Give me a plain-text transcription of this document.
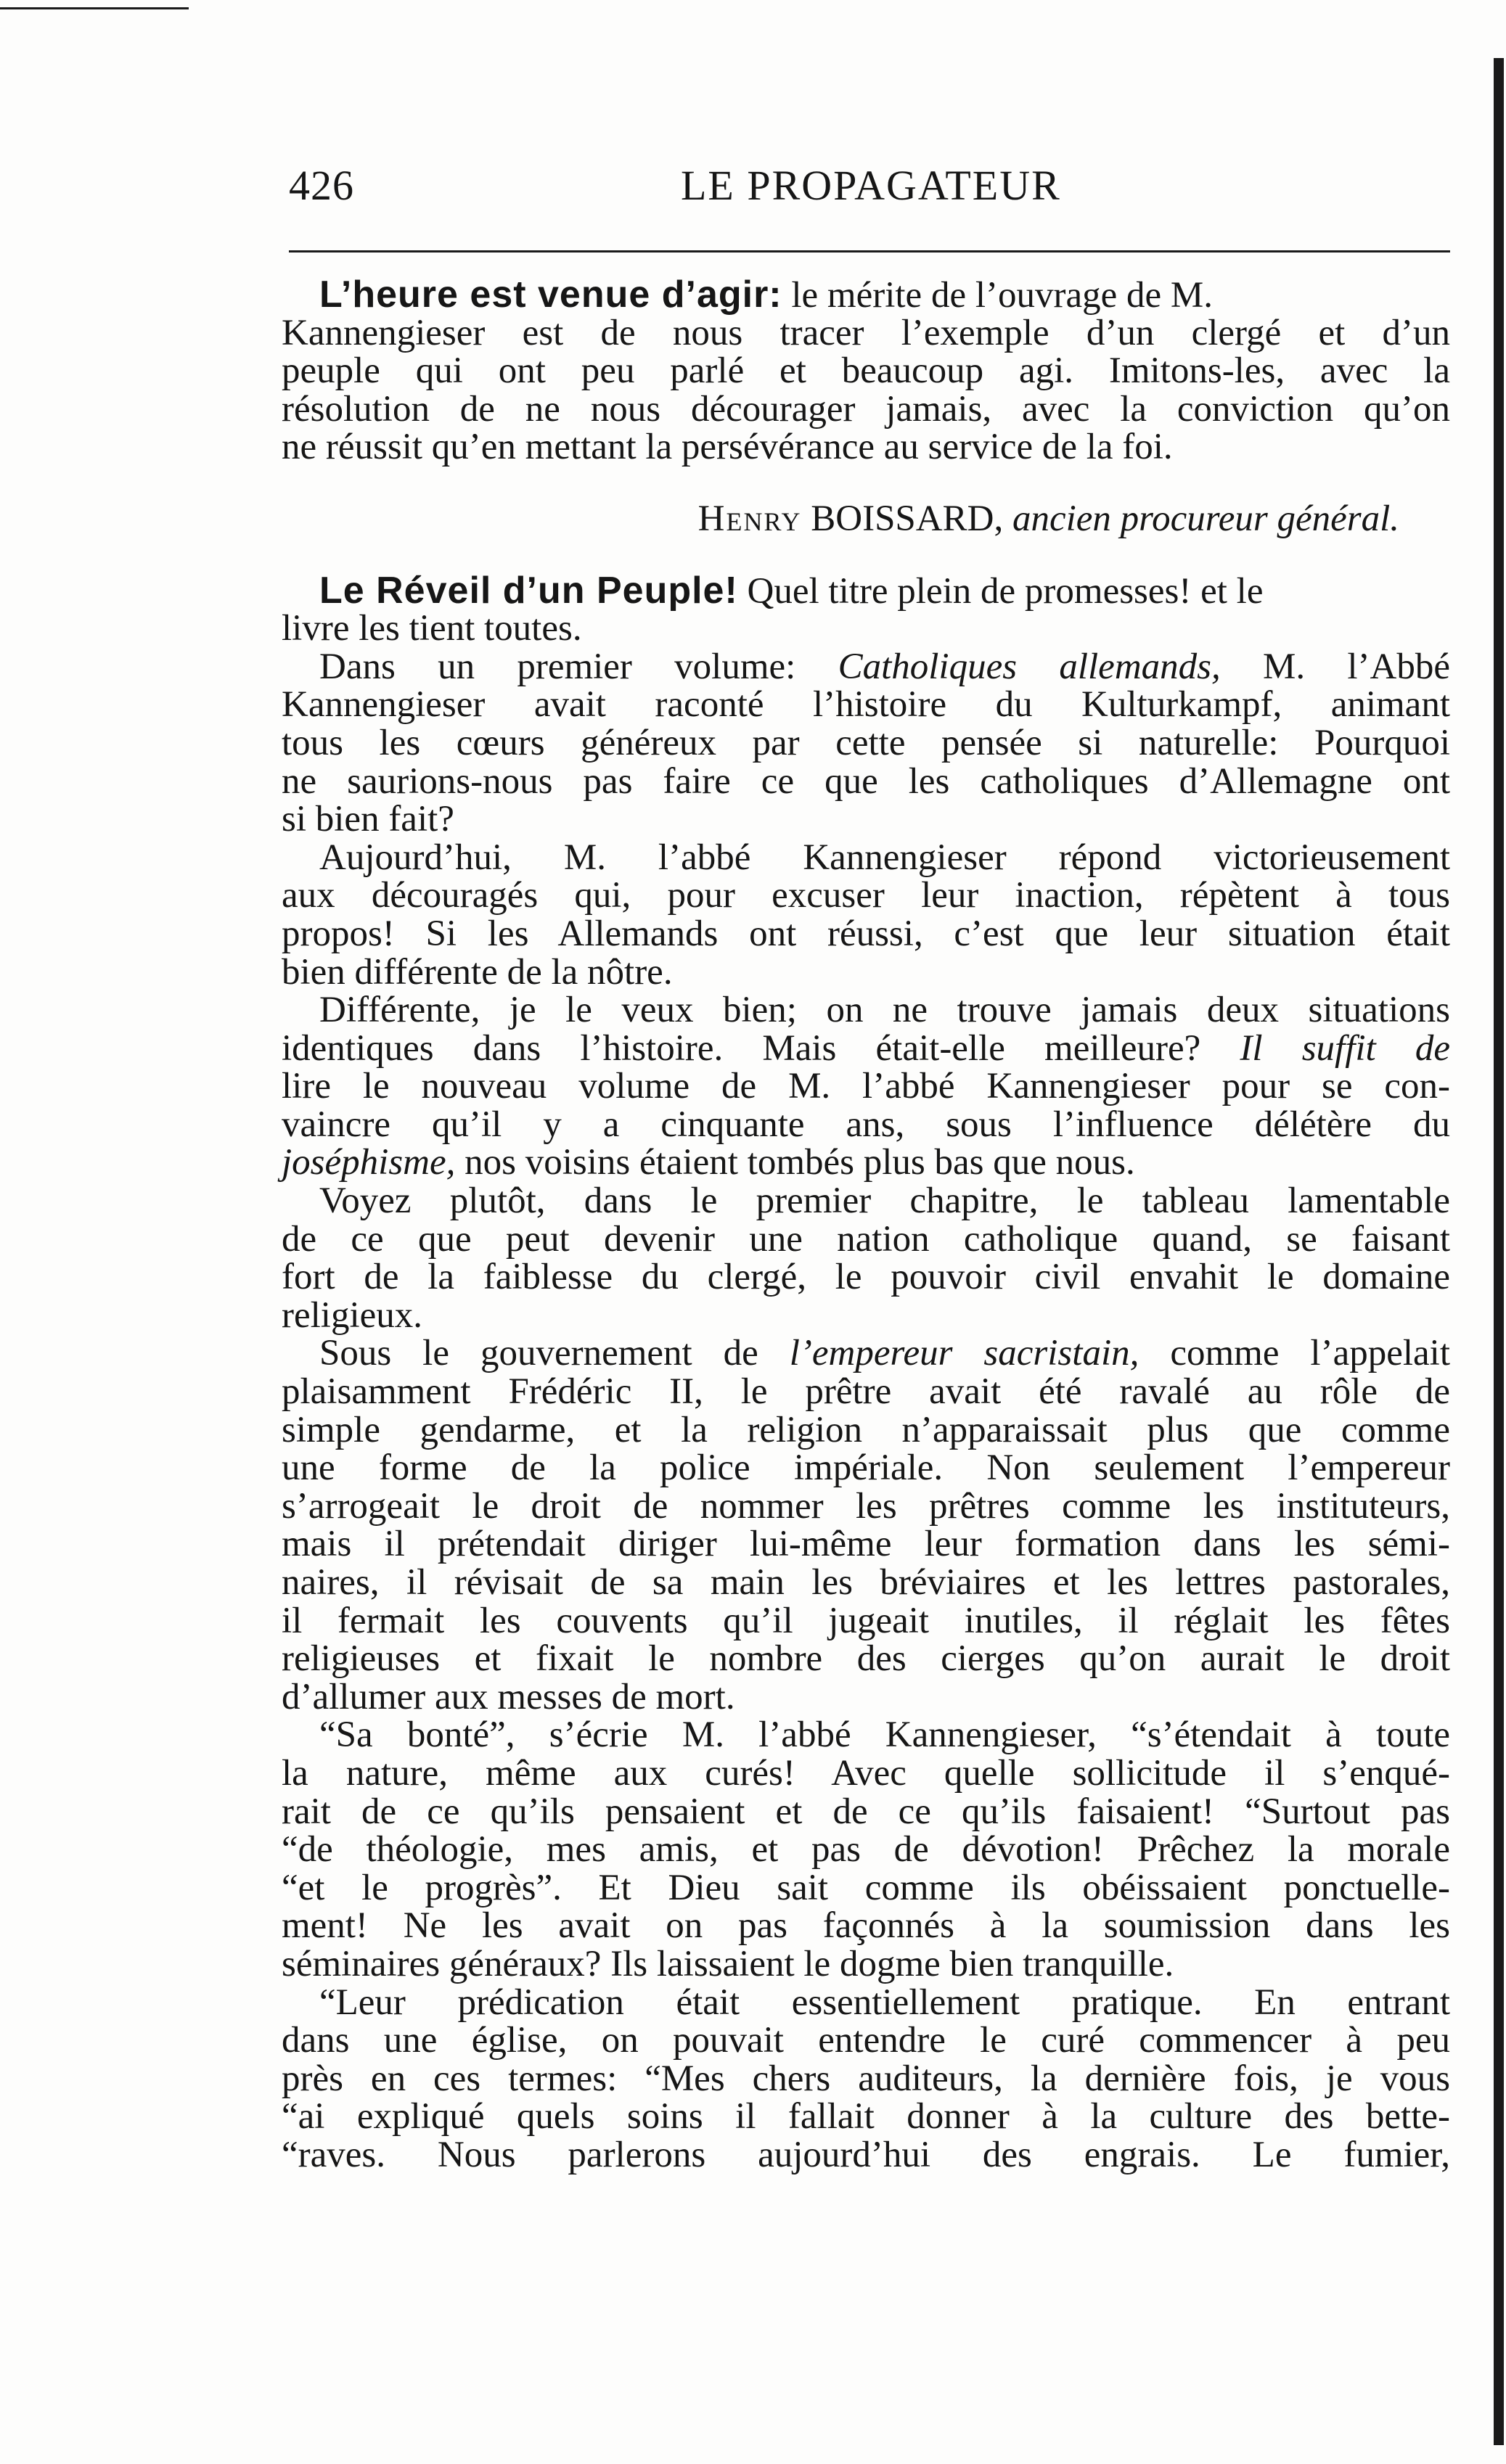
426	LE PROPAGATEUR
L’heure est venue d’agir: le mérite de l’ouvrage de M.
Kannengieser est de nous tracer l’exemple d’un clergé et d’un
peuple qui ont peu parlé et beaucoup agi. Imitons-les, avec la
résolution de ne nous décourager jamais, avec la conviction qu’on
ne réussit qu’en mettant la persévérance au service de la foi.
Henry BOISSARD, ancien procureur général.
Le Réveil d’un Peuple! Quel titre plein de promesses! et le
livre les tient toutes.
Dans un premier volume: Catholiques allemands, M. l’Abbé
Kannengieser avait raconté l’histoire du Kulturkampf, animant
tous les cœurs généreux par cette pensée si naturelle: Pourquoi
ne saurions-nous pas faire ce que les catholiques d’Allemagne ont
si bien fait?
Aujourd’hui, M. l’abbé Kannengieser répond victorieusement
aux découragés qui, pour excuser leur inaction, répètent à tous
propos! Si les Allemands ont réussi, c’est que leur situation était
bien différente de la nôtre.
Différente, je le veux bien; on ne trouve jamais deux situations
identiques dans l’histoire. Mais était-elle meilleure? Il suffit de
lire le nouveau volume de M. l’abbé Kannengieser pour se con-
vaincre qu’il y a cinquante ans, sous l’influence délétère du
joséphisme, nos voisins étaient tombés plus bas que nous.
Voyez plutôt, dans le premier chapitre, le tableau lamentable
de ce que peut devenir une nation catholique quand, se faisant
fort de la faiblesse du clergé, le pouvoir civil envahit le domaine
religieux.
Sous le gouvernement de l’empereur sacristain, comme l’appelait
plaisamment Frédéric II, le prêtre avait été ravalé au rôle de
simple gendarme, et la religion n’apparaissait plus que comme
une forme de la police impériale. Non seulement l’empereur
s’arrogeait le droit de nommer les prêtres comme les instituteurs,
mais il prétendait diriger lui-même leur formation dans les sémi-
naires, il révisait de sa main les bréviaires et les lettres pastorales,
il fermait les couvents qu’il jugeait inutiles, il réglait les fêtes
religieuses et fixait le nombre des cierges qu’on aurait le droit
d’allumer aux messes de mort.
“Sa bonté”, s’écrie M. l’abbé Kannengieser, “s’étendait à toute
la nature, même aux curés! Avec quelle sollicitude il s’enqué-
rait de ce qu’ils pensaient et de ce qu’ils faisaient! “Surtout pas
“de théologie, mes amis, et pas de dévotion! Prêchez la morale
“et le progrès”. Et Dieu sait comme ils obéissaient ponctuelle-
ment! Ne les avait on pas façonnés à la soumission dans les
séminaires généraux? Ils laissaient le dogme bien tranquille.
“Leur prédication était essentiellement pratique. En entrant
dans une église, on pouvait entendre le curé commencer à peu
près en ces termes: “Mes chers auditeurs, la dernière fois, je vous
“ai expliqué quels soins il fallait donner à la culture des bette-
“raves. Nous parlerons aujourd’hui des engrais. Le fumier,
